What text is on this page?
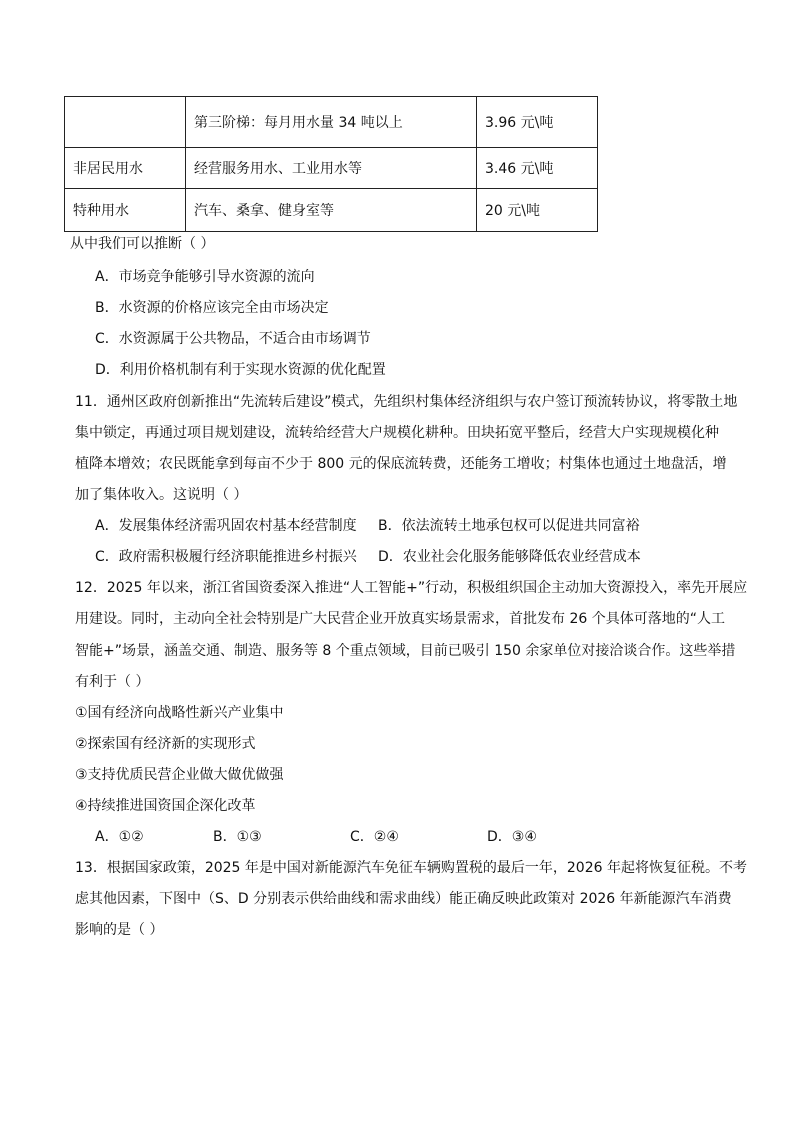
	第三阶梯：每月用水量 34 吨以上	3.96 元\吨
非居民用水	经营服务用水、工业用水等	3.46 元\吨
特种用水	汽车、桑拿、健身室等	20 元\吨
从中我们可以推断（ ）
A．市场竞争能够引导水资源的流向
B．水资源的价格应该完全由市场决定
C．水资源属于公共物品，不适合由市场调节
D．利用价格机制有利于实现水资源的优化配置
11．通州区政府创新推出“先流转后建设”模式，先组织村集体经济组织与农户签订预流转协议，将零散土地
集中锁定，再通过项目规划建设，流转给经营大户规模化耕种。田块拓宽平整后，经营大户实现规模化种
植降本增效；农民既能拿到每亩不少于 800 元的保底流转费，还能务工增收；村集体也通过土地盘活，增
加了集体收入。这说明（ ）
A．发展集体经济需巩固农村基本经营制度 B．依法流转土地承包权可以促进共同富裕
C．政府需积极履行经济职能推进乡村振兴 D．农业社会化服务能够降低农业经营成本
12．2025 年以来，浙江省国资委深入推进“人工智能+”行动，积极组织国企主动加大资源投入，率先开展应
用建设。同时，主动向全社会特别是广大民营企业开放真实场景需求，首批发布 26 个具体可落地的“人工
智能+”场景，涵盖交通、制造、服务等 8 个重点领域，目前已吸引 150 余家单位对接洽谈合作。这些举措
有利于（ ）
①国有经济向战略性新兴产业集中
②探索国有经济新的实现形式
③支持优质民营企业做大做优做强
④持续推进国资国企深化改革
A．①②	B．①③	C．②④	D．③④
13．根据国家政策，2025 年是中国对新能源汽车免征车辆购置税的最后一年，2026 年起将恢复征税。不考
虑其他因素，下图中（S、D 分别表示供给曲线和需求曲线）能正确反映此政策对 2026 年新能源汽车消费
影响的是（ ）
